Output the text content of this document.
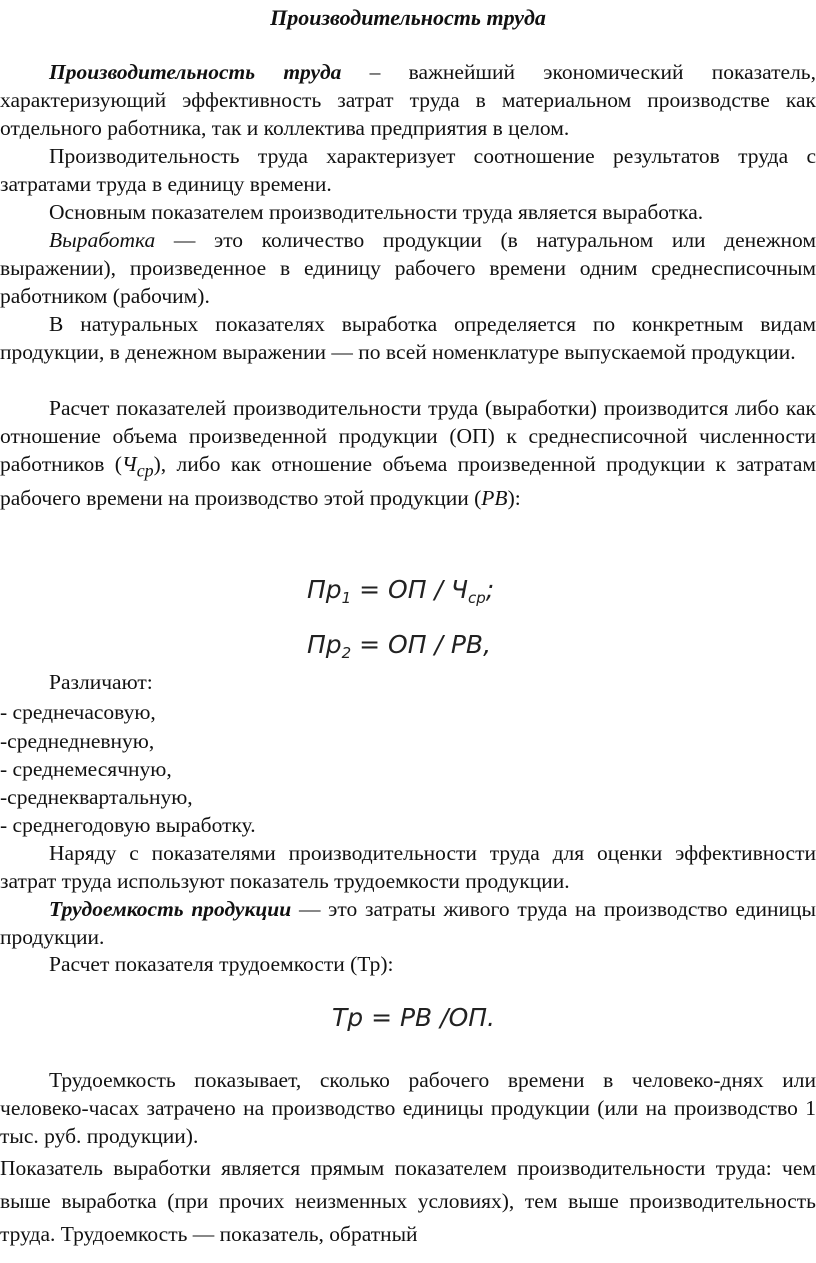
Производительность труда

Производительность труда – важнейший экономический показатель, характеризующий эффективность затрат труда в материальном производстве как отдельного работника, так и коллектива предприятия в целом.

Производительность труда характеризует соотношение результатов труда с затратами труда в единицу времени.

Основным показателем производительности труда является выработка.

Выработка — это количество продукции (в натуральном или денежном выражении), произведенное в единицу рабочего времени одним среднесписочным работником (рабочим).

В натуральных показателях выработка определяется по конкретным видам продукции, в денежном выражении — по всей номенклатуре выпускаемой продукции.

Расчет показателей производительности труда (выработки) производится либо как отношение объема произведенной продукции (ОП) к среднесписочной численности работников $(Ч_{ср})$, либо как отношение объема произведенной продукции к затратам рабочего времени на производство этой продукции (РВ):

$Пр_1$ = ОП / $Ч_{ср}$;
$Пр_2$ = ОП / РВ,
Различают:
- среднечасовую,
-среднедневную,
- среднемесячную,
-среднеквартальную,
- среднегодовую выработку.

Наряду с показателями производительности труда для оценки эффективности затрат труда используют показатель трудоемкости продукции.

Трудоемкость продукции — это затраты живого труда на производство единицы продукции.

Расчет показателя трудоемкости (Тр):

Тр = РВ /ОП.

Трудоемкость показывает, сколько рабочего времени в человеко-днях или человеко-часах затрачено на производство единицы продукции (или на производство 1 тыс. руб. продукции).

Показатель выработки является прямым показателем производительности труда: чем выше выработка (при прочих неизменных условиях), тем выше производительность труда. Трудоемкость — показатель, обратный
